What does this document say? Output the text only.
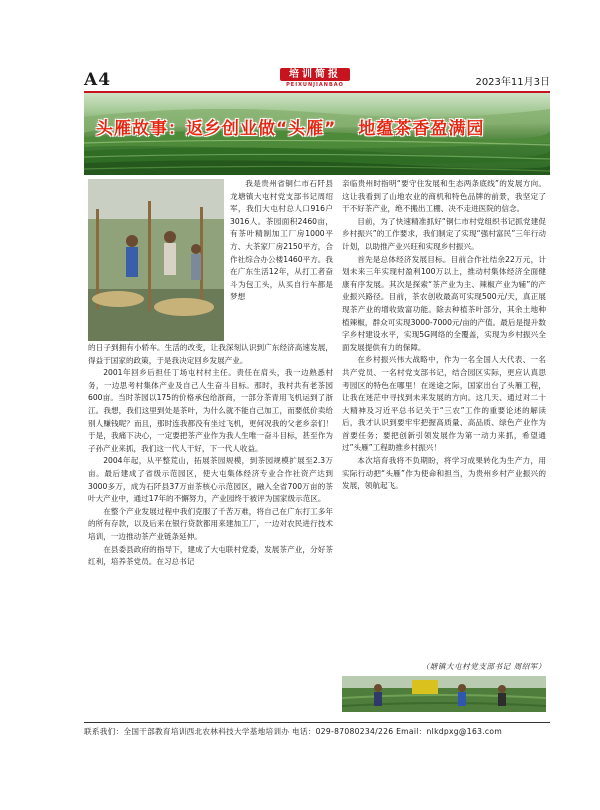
A4	培训简报
PEIXUNJIANBAO	2023年11月3日
头雁故事：返乡创业做“头雁” 地蕴茶香盈满园

我是贵州省铜仁市石阡县龙塘镇大屯村党支部书记周绍军，我们大屯村总人口916户3016人。茶园面积2460亩，有茶叶精制加工厂房1000平方、大茶家厂房2150平方，合作社综合办公楼1460平方。我在广东生活12年，从打工者奋斗为包工头，从买自行车都是梦想

的日子到拥有小轿车。生活的改变，让我深刻认识到广东经济高速发展，得益于国家的政策，于是我决定回乡发展产业。

2001年回乡后担任丁场屯村村主任。责任在肩头，我一边熟悉村务，一边思考村集体产业及自己人生奋斗目标。那时，我村共有老茶园600亩。当时茶园以175的价格承包给浙商，一部分茶青用飞机运到了浙江。我想，我们这里到处是茶叶，为什么就不能自己加工，而要低价卖给别人赚钱呢？而且，那时连我都没有坐过飞机，更何况我的父老乡亲们！于是，我痛下决心，一定要把茶产业作为我人生唯一奋斗目标，甚至作为子孙产业来抓，我们这一代人干好，下一代人收益。

2004年起，从平整荒山，拓展茶园规模，到茶园规模扩展至2.3万亩。最后建成了省级示范园区，使大屯集体经济专业合作社资产达到3000多万，成为石阡县37万亩茶核心示范园区，融入全省700万亩的茶叶大产业中，通过17年的不懈努力，产业园终于被评为国家级示范区。

在整个产业发展过程中我们克服了千苦万难，将自己在广东打工多年的所有存款，以及后来在银行贷款都用来建加工厂，一边对农民进行技术培训，一边推动茶产业链条延伸。

在县委县政府的指导下，建成了大屯联村党委，发展茶产业，分好茶红利，培养茶党员。在习总书记

亲临贵州时指明“要守住发展和生态两条底线”的发展方向。这让我看到了山地农业的商机和特色品牌的前景，我坚定了干不好茶产业，绝不搬出工棚、决不走进医院的信念。

目前，为了快速精准抓好“铜仁市村党组织书记抓党建促乡村振兴”的工作要求，我们制定了实现“强村富民”三年行动计划，以助推产业兴旺和实现乡村振兴。

首先是总体经济发展目标。目前合作社结余22万元，计划未来三年实现村盈利100万以上，推动村集体经济全面健康有序发展。其次是探索“茶产业为主、辣椒产业为辅”的产业振兴路径。目前，茶农创收最高可实现500元/天，真正展现茶产业的增收致富功能。除去种植茶叶部分，其余土地种植辣椒，群众可实现3000-7000元/亩的产值。最后是提升数字乡村建设水平，实现5G网络的全覆盖，实现为乡村振兴全面发展提供有力的保障。

在乡村振兴伟大战略中，作为一名全国人大代表、一名共产党员、一名村党支部书记，结合园区实际，更应认真思考园区的特色在哪里！在迷途之际，国家出台了头雁工程，让我在迷茫中寻找到未来发展的方向。这几天、通过对二十大精神及习近平总书记关于“三农”工作的重要论述的解读后，我才认识到要牢牢把握高质量、高品质、绿色产业作为首要任务；要把创新引领发展作为第一动力来抓，希望通过”头雁”工程助推乡村振兴！

本次培育我将不负期盼，将学习成果转化为生产力，用实际行动把“头雁”作为使命和担当，为贵州乡村产业振兴的发展，领航起飞。

（塘镇大屯村党支部书记 周绍军）
联系我们：全国干部教育培训西北农林科技大学基地培训办 电话：029-87080234/226 Email：nlkdpxg@163.com
